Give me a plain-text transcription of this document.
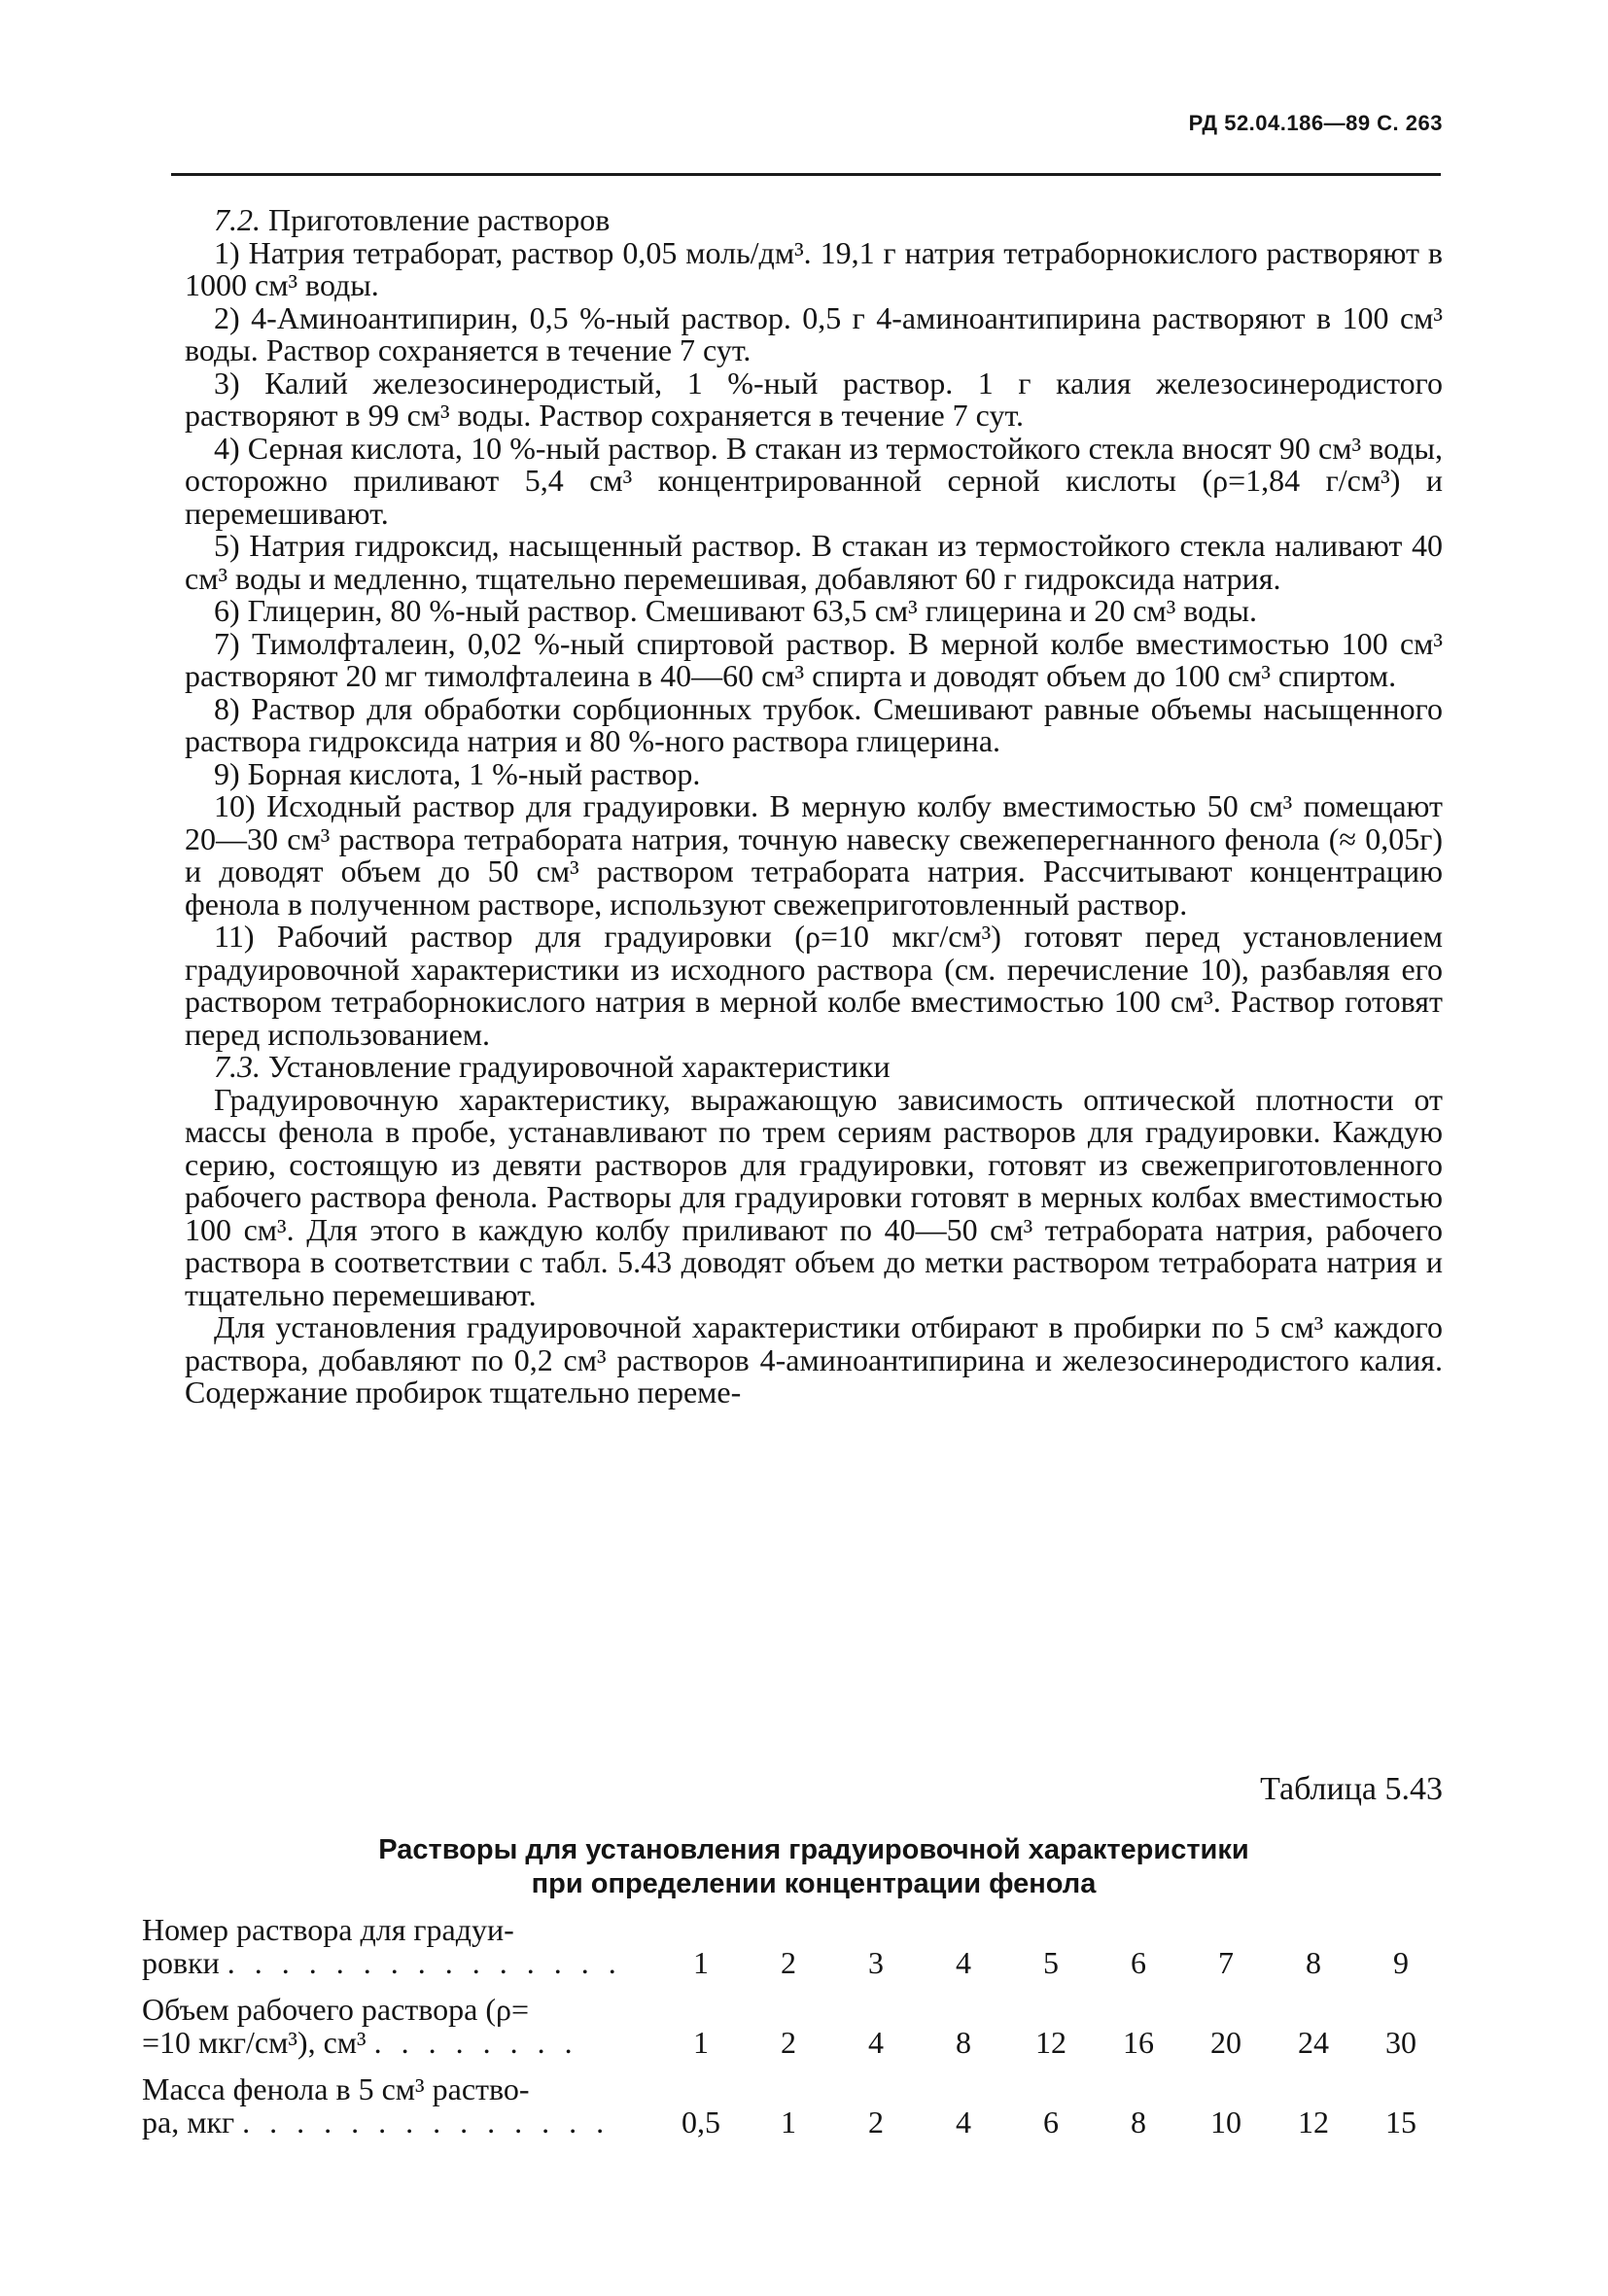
РД 52.04.186—89 С. 263

7.2. Приготовление растворов

1) Натрия тетраборат, раствор 0,05 моль/дм³. 19,1 г натрия тетраборнокислого растворяют в 1000 см³ воды.

2) 4-Аминоантипирин, 0,5 %-ный раствор. 0,5 г 4-аминоантипирина растворяют в 100 см³ воды. Раствор сохраняется в течение 7 сут.

3) Калий железосинеродистый, 1 %-ный раствор. 1 г калия железосинеродистого растворяют в 99 см³ воды. Раствор сохраняется в течение 7 сут.

4) Серная кислота, 10 %-ный раствор. В стакан из термостойкого стекла вносят 90 см³ воды, осторожно приливают 5,4 см³ концентрированной серной кислоты (ρ=1,84 г/см³) и перемешивают.

5) Натрия гидроксид, насыщенный раствор. В стакан из термостойкого стекла наливают 40 см³ воды и медленно, тщательно перемешивая, добавляют 60 г гидроксида натрия.

6) Глицерин, 80 %-ный раствор. Смешивают 63,5 см³ глицерина и 20 см³ воды.

7) Тимолфталеин, 0,02 %-ный спиртовой раствор. В мерной колбе вместимостью 100 см³ растворяют 20 мг тимолфталеина в 40—60 см³ спирта и доводят объем до 100 см³ спиртом.

8) Раствор для обработки сорбционных трубок. Смешивают равные объемы насыщенного раствора гидроксида натрия и 80 %-ного раствора глицерина.

9) Борная кислота, 1 %-ный раствор.

10) Исходный раствор для градуировки. В мерную колбу вместимостью 50 см³ помещают 20—30 см³ раствора тетрабората натрия, точную навеску свежеперегнанного фенола (≈ 0,05г) и доводят объем до 50 см³ раствором тетрабората натрия. Рассчитывают концентрацию фенола в полученном растворе, используют свежеприготовленный раствор.

11) Рабочий раствор для градуировки (ρ=10 мкг/см³) готовят перед установлением градуировочной характеристики из исходного раствора (см. перечисление 10), разбавляя его раствором тетраборнокислого натрия в мерной колбе вместимостью 100 см³. Раствор готовят перед использованием.

7.3. Установление градуировочной характеристики

Градуировочную характеристику, выражающую зависимость оптической плотности от массы фенола в пробе, устанавливают по трем сериям растворов для градуировки. Каждую серию, состоящую из девяти растворов для градуировки, готовят из свежеприготовленного рабочего раствора фенола. Растворы для градуировки готовят в мерных колбах вместимостью 100 см³. Для этого в каждую колбу приливают по 40—50 см³ тетрабората натрия, рабочего раствора в соответствии с табл. 5.43 доводят объем до метки раствором тетрабората натрия и тщательно перемешивают.

Для установления градуировочной характеристики отбирают в пробирки по 5 см³ каждого раствора, добавляют по 0,2 см³ растворов 4-аминоантипирина и железосинеродистого калия. Содержание пробирок тщательно переме-

Таблица 5.43
Растворы для установления градуировочной характеристики
при определении концентрации фенола
Номер раствора для градуи-
ровки . . . . . . . . . . . . . . .	1	2	3	4	5	6	7	8	9
Объем рабочего раствора (ρ=
=10 мкг/см³), см³ . . . . . . . .	1	2	4	8	12	16	20	24	30
Масса фенола в 5 см³ раство-
ра, мкг . . . . . . . . . . . . . .	0,5	1	2	4	6	8	10	12	15
